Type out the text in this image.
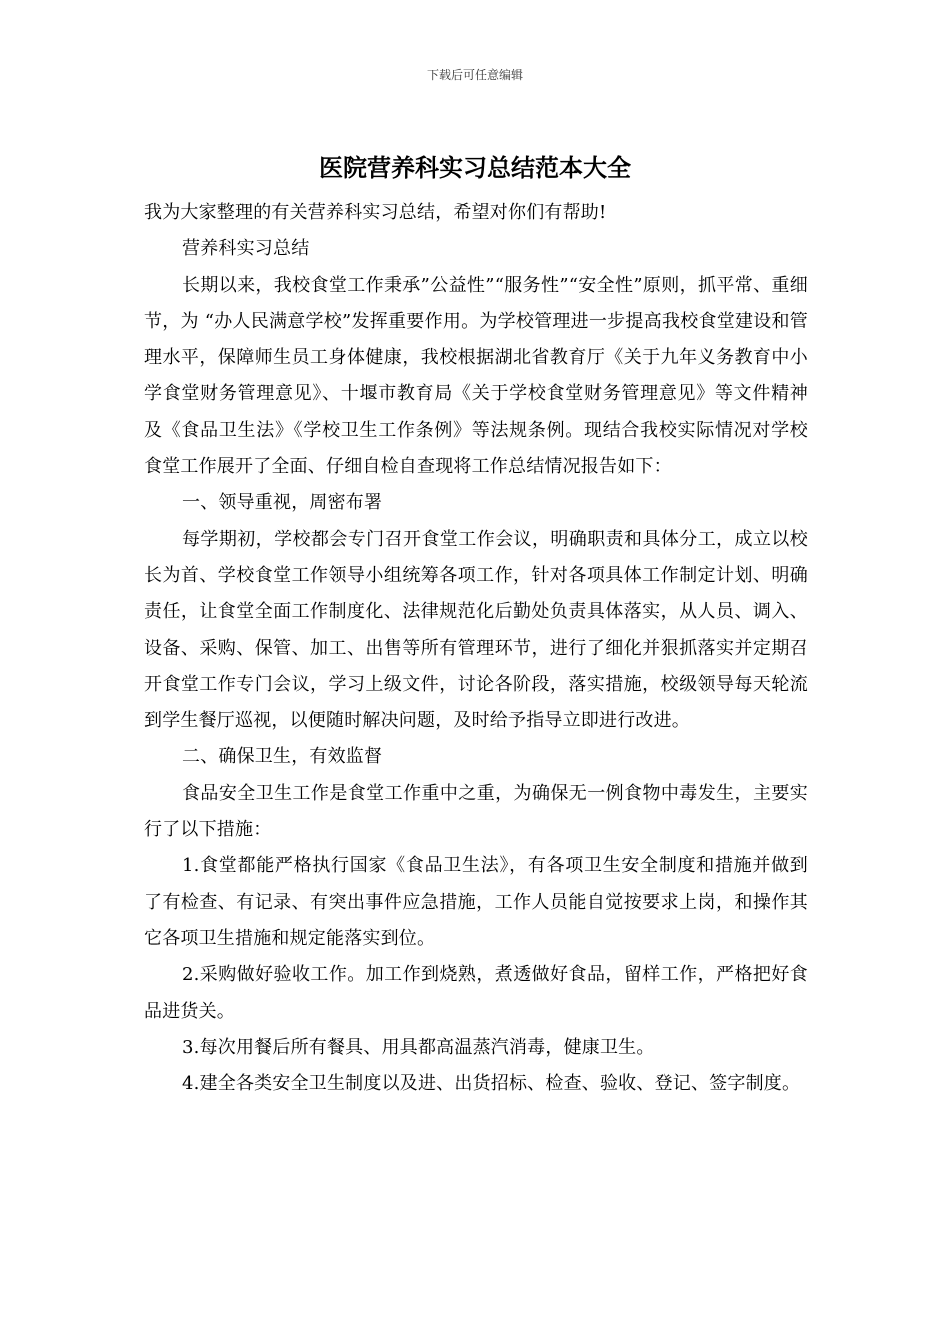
下载后可任意编辑
医院营养科实习总结范本大全

我为大家整理的有关营养科实习总结，希望对你们有帮助!

营养科实习总结

长期以来，我校食堂工作秉承”公益性”“服务性”“安全性”原则，抓平常、重细节，为 “办人民满意学校”发挥重要作用。为学校管理进一步提高我校食堂建设和管理水平，保障师生员工身体健康，我校根据湖北省教育厅《关于九年义务教育中小学食堂财务管理意见》、十堰市教育局《关于学校食堂财务管理意见》等文件精神及《食品卫生法》《学校卫生工作条例》等法规条例。现结合我校实际情况对学校食堂工作展开了全面、仔细自检自查现将工作总结情况报告如下：

一、领导重视，周密布署

每学期初，学校都会专门召开食堂工作会议，明确职责和具体分工，成立以校长为首、学校食堂工作领导小组统筹各项工作，针对各项具体工作制定计划、明确责任，让食堂全面工作制度化、法律规范化后勤处负责具体落实，从人员、调入、设备、采购、保管、加工、出售等所有管理环节，进行了细化并狠抓落实并定期召开食堂工作专门会议，学习上级文件，讨论各阶段，落实措施，校级领导每天轮流到学生餐厅巡视，以便随时解决问题，及时给予指导立即进行改进。

二、确保卫生，有效监督

食品安全卫生工作是食堂工作重中之重，为确保无一例食物中毒发生，主要实行了以下措施：

1.食堂都能严格执行国家《食品卫生法》，有各项卫生安全制度和措施并做到了有检查、有记录、有突出事件应急措施，工作人员能自觉按要求上岗，和操作其它各项卫生措施和规定能落实到位。

2.采购做好验收工作。加工作到烧熟，煮透做好食品，留样工作，严格把好食品进货关。

3.每次用餐后所有餐具、用具都高温蒸汽消毒，健康卫生。

4.建全各类安全卫生制度以及进、出货招标、检查、验收、登记、签字制度。
